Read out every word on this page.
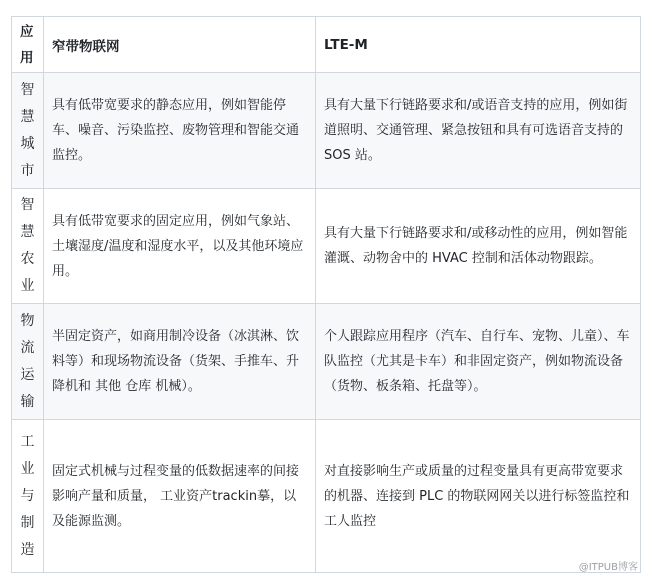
应用	窄带物联网	LTE-M
智慧城市	具有低带宽要求的静态应用，例如智能停车、噪音、污染监控、废物管理和智能交通监控。	具有大量下行链路要求和/或语音支持的应用，例如街道照明、交通管理、紧急按钮和具有可选语音支持的 SOS 站。
智慧农业	具有低带宽要求的固定应用，例如气象站、土壤湿度/温度和湿度水平，以及其他环境应用。	具有大量下行链路要求和/或移动性的应用，例如智能灌溉、动物舍中的 HVAC 控制和活体动物跟踪。
物流运输	半固定资产，如商用制冷设备（冰淇淋、饮料等）和现场物流设备（货架、手推车、升降机和 其他 仓库 机械）。	个人跟踪应用程序（汽车、自行车、宠物、儿童）、车队监控（尤其是卡车）和非固定资产，例如物流设备（货物、板条箱、托盘等）。
工业与制造	固定式机械与过程变量的低数据速率的间接影响产量和质量， 工业资产trackin摹，以及能源监测。	对直接影响生产或质量的过程变量具有更高带宽要求的机器、连接到 PLC 的物联网网关以进行标签监控和工人监控
@ITPUB博客
